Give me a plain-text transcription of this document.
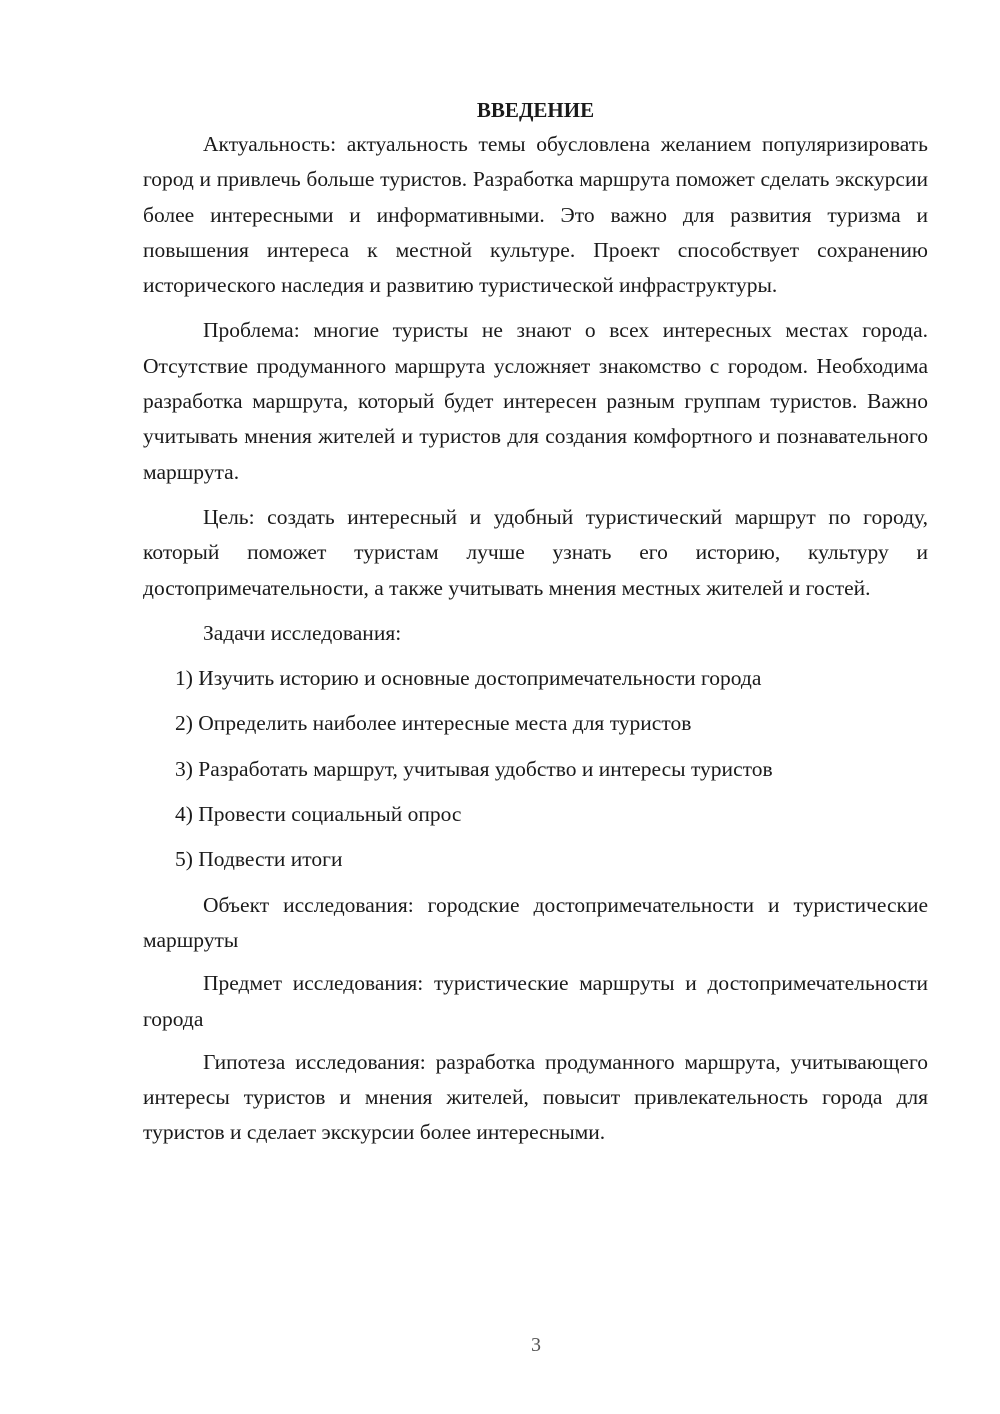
ВВЕДЕНИЕ

Актуальность: актуальность темы обусловлена желанием популяризировать город и привлечь больше туристов. Разработка маршрута поможет сделать экскурсии более интересными и информативными. Это важно для развития туризма и повышения интереса к местной культуре. Проект способствует сохранению исторического наследия и развитию туристической инфраструктуры.

Проблема: многие туристы не знают о всех интересных местах города. Отсутствие продуманного маршрута усложняет знакомство с городом. Необходима разработка маршрута, который будет интересен разным группам туристов. Важно учитывать мнения жителей и туристов для создания комфортного и познавательного маршрута.

Цель: создать интересный и удобный туристический маршрут по городу, который поможет туристам лучше узнать его историю, культуру и достопримечательности, а также учитывать мнения местных жителей и гостей.

Задачи исследования:

1) Изучить историю и основные достопримечательности города
2) Определить наиболее интересные места для туристов
3) Разработать маршрут, учитывая удобство и интересы туристов
4) Провести социальный опрос
5) Подвести итоги

Объект исследования: городские достопримечательности и туристические маршруты

Предмет исследования: туристические маршруты и достопримечательности города

Гипотеза исследования: разработка продуманного маршрута, учитывающего интересы туристов и мнения жителей, повысит привлекательность города для туристов и сделает экскурсии более интересными.

3
